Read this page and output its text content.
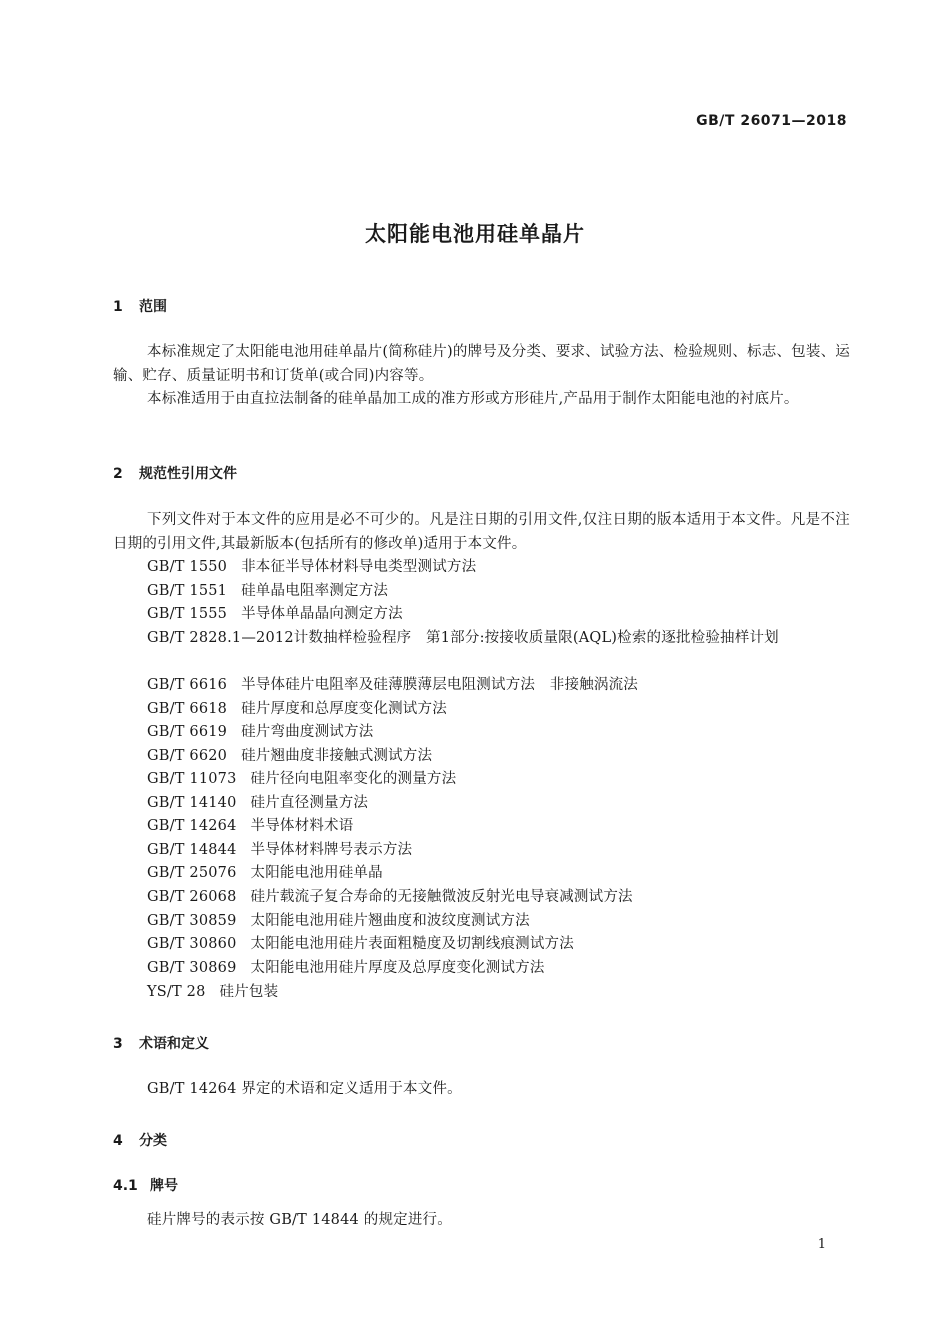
GB/T 26071—2018
太阳能电池用硅单晶片
1 范围
本标准规定了太阳能电池用硅单晶片(简称硅片)的牌号及分类、要求、试验方法、检验规则、标志、包装、运输、贮存、质量证明书和订货单(或合同)内容等。
本标准适用于由直拉法制备的硅单晶加工成的准方形或方形硅片,产品用于制作太阳能电池的衬底片。
2 规范性引用文件
下列文件对于本文件的应用是必不可少的。凡是注日期的引用文件,仅注日期的版本适用于本文件。凡是不注日期的引用文件,其最新版本(包括所有的修改单)适用于本文件。
GB/T 1550 非本征半导体材料导电类型测试方法
GB/T 1551 硅单晶电阻率测定方法
GB/T 1555 半导体单晶晶向测定方法
GB/T 2828.1—2012计数抽样检验程序　第1部分:按接收质量限(AQL)检索的逐批检验抽样计划
GB/T 6616 半导体硅片电阻率及硅薄膜薄层电阻测试方法　非接触涡流法
GB/T 6618 硅片厚度和总厚度变化测试方法
GB/T 6619 硅片弯曲度测试方法
GB/T 6620 硅片翘曲度非接触式测试方法
GB/T 11073 硅片径向电阻率变化的测量方法
GB/T 14140 硅片直径测量方法
GB/T 14264 半导体材料术语
GB/T 14844 半导体材料牌号表示方法
GB/T 25076 太阳能电池用硅单晶
GB/T 26068 硅片载流子复合寿命的无接触微波反射光电导衰减测试方法
GB/T 30859 太阳能电池用硅片翘曲度和波纹度测试方法
GB/T 30860 太阳能电池用硅片表面粗糙度及切割线痕测试方法
GB/T 30869 太阳能电池用硅片厚度及总厚度变化测试方法
YS/T 28 硅片包装
3 术语和定义
GB/T 14264 界定的术语和定义适用于本文件。
4 分类
4.1 牌号
硅片牌号的表示按 GB/T 14844 的规定进行。
1
